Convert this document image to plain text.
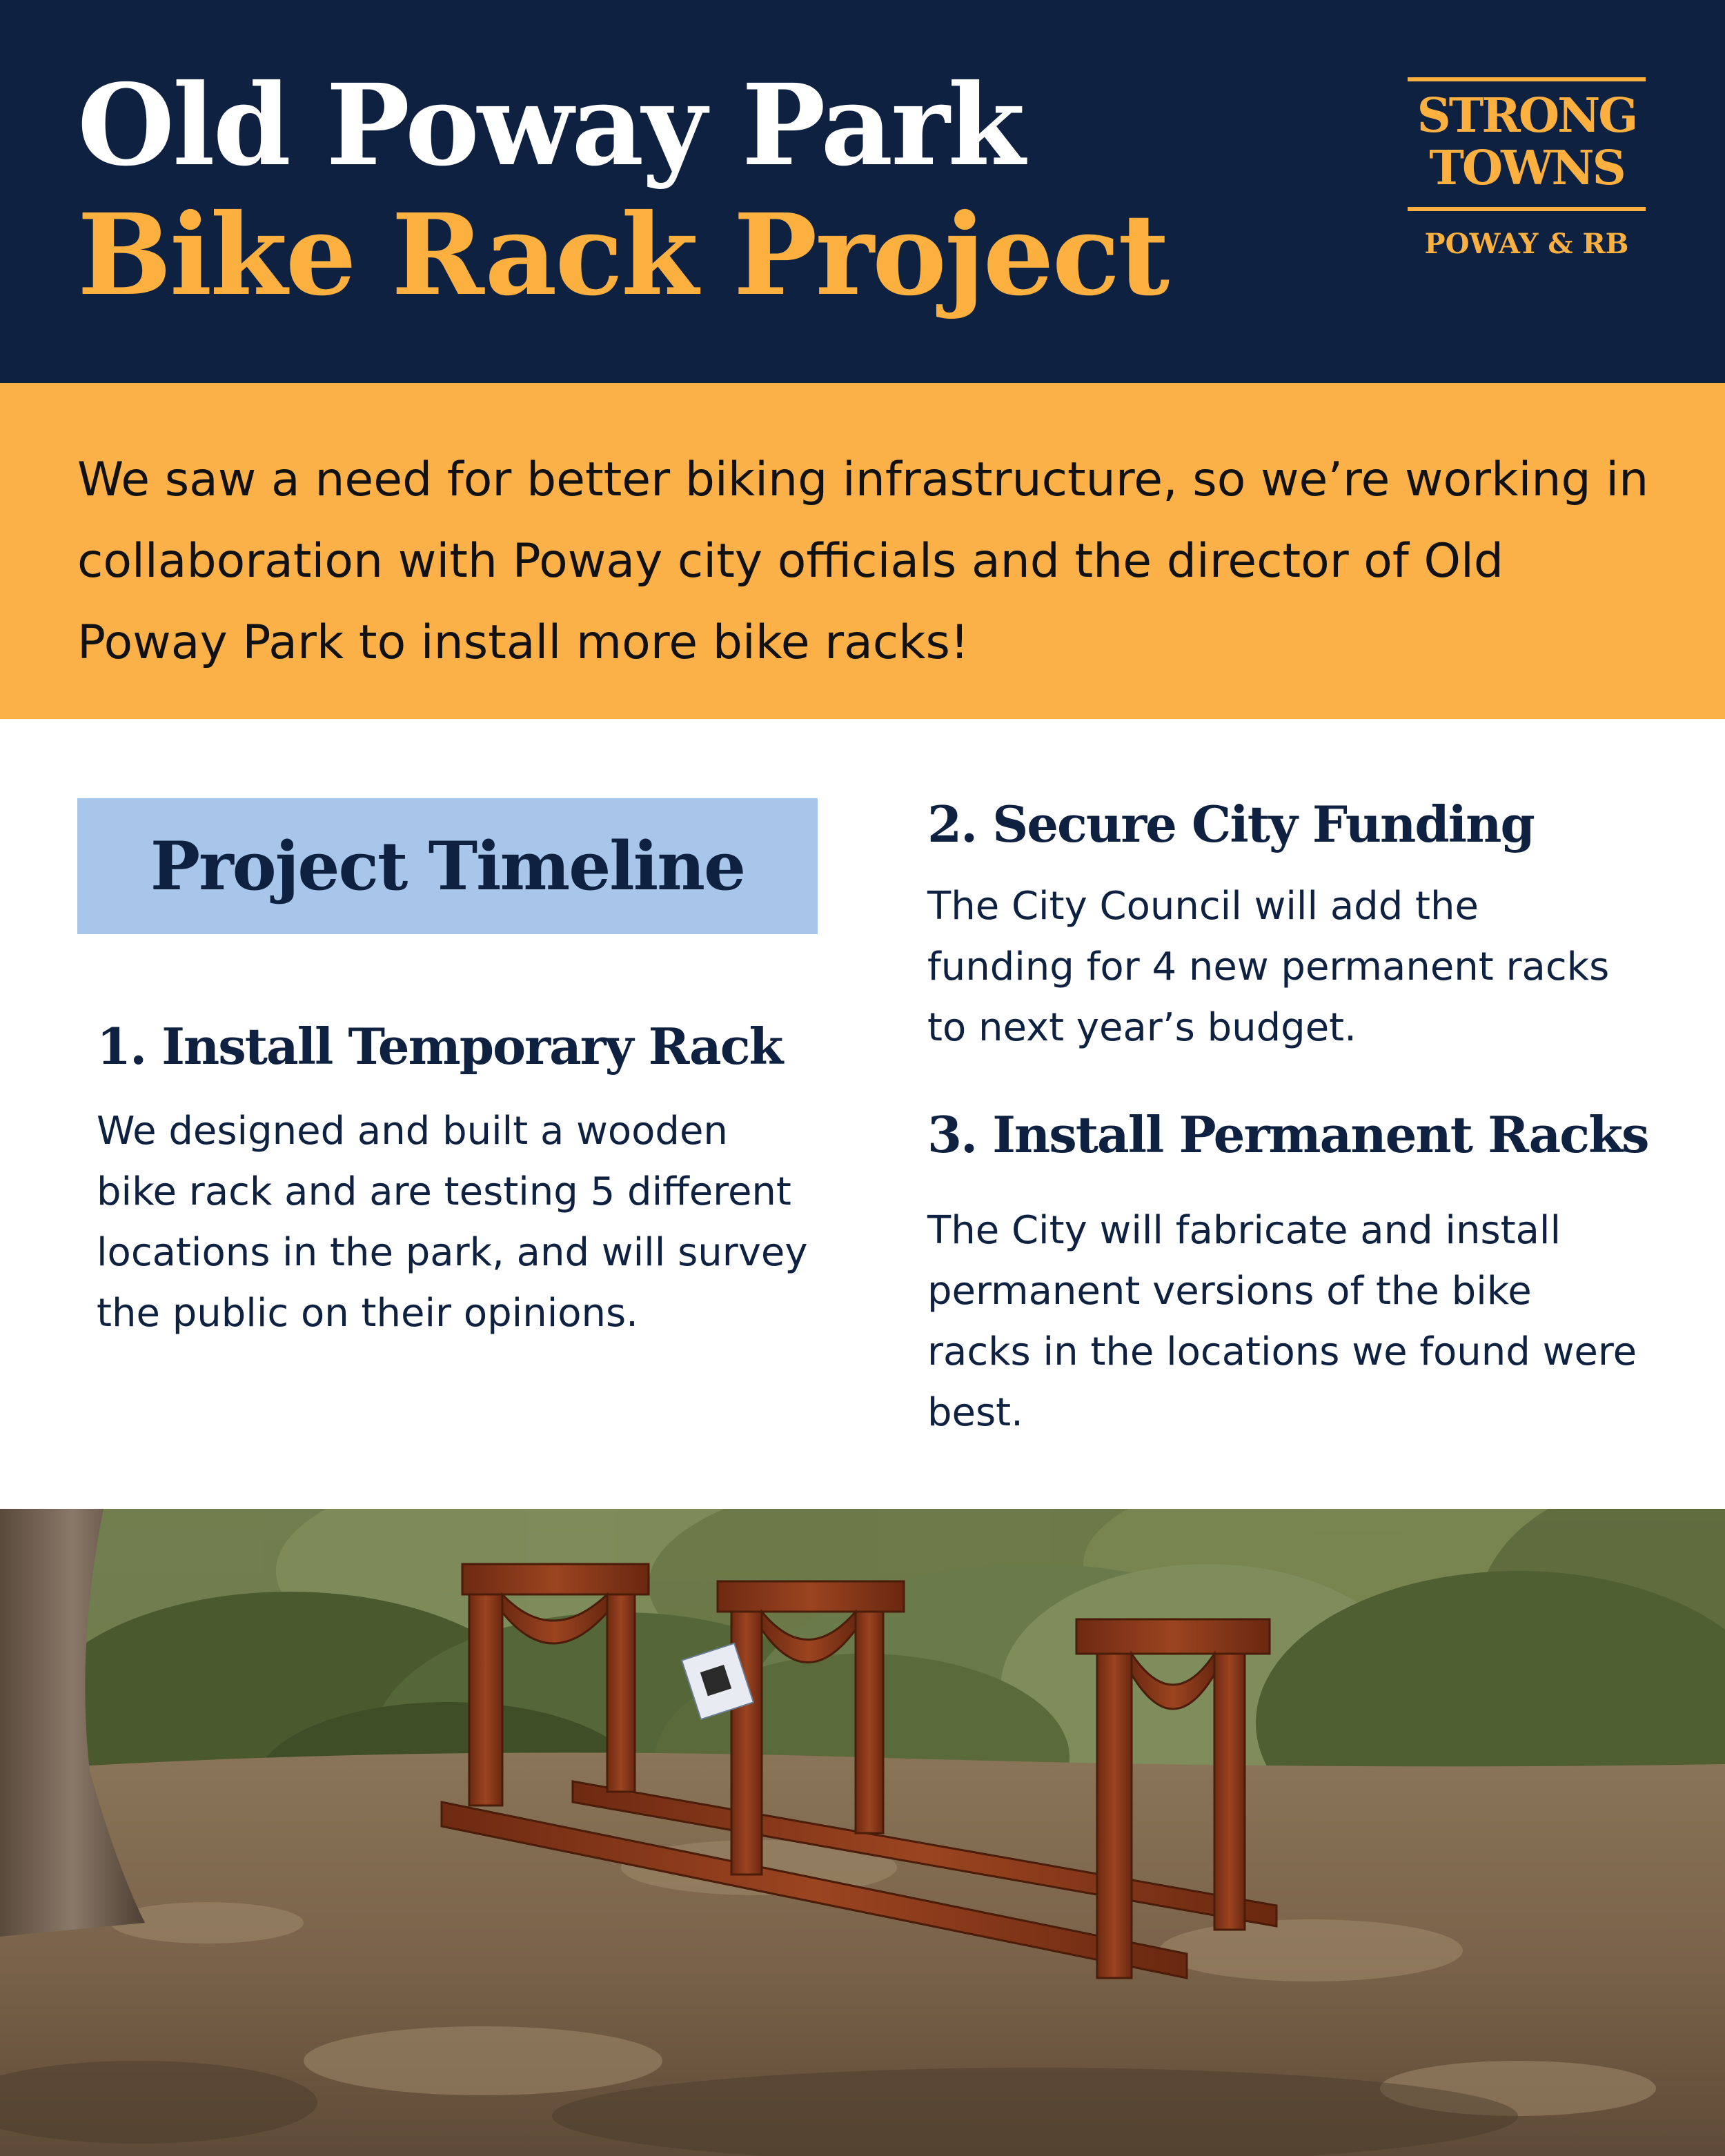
Old Poway Park
Bike Rack Project
STRONG
TOWNS
POWAY & RB

We saw a need for better biking infrastructure, so we’re working in collaboration with Poway city officials and the director of Old Poway Park to install more bike racks!

Project Timeline
1. Install Temporary Rack

We designed and built a wooden bike rack and are testing 5 different locations in the park, and will survey the public on their opinions.

2. Secure City Funding

The City Council will add the funding for 4 new permanent racks to next year’s budget.

3. Install Permanent Racks

The City will fabricate and install permanent versions of the bike racks in the locations we found were best.
